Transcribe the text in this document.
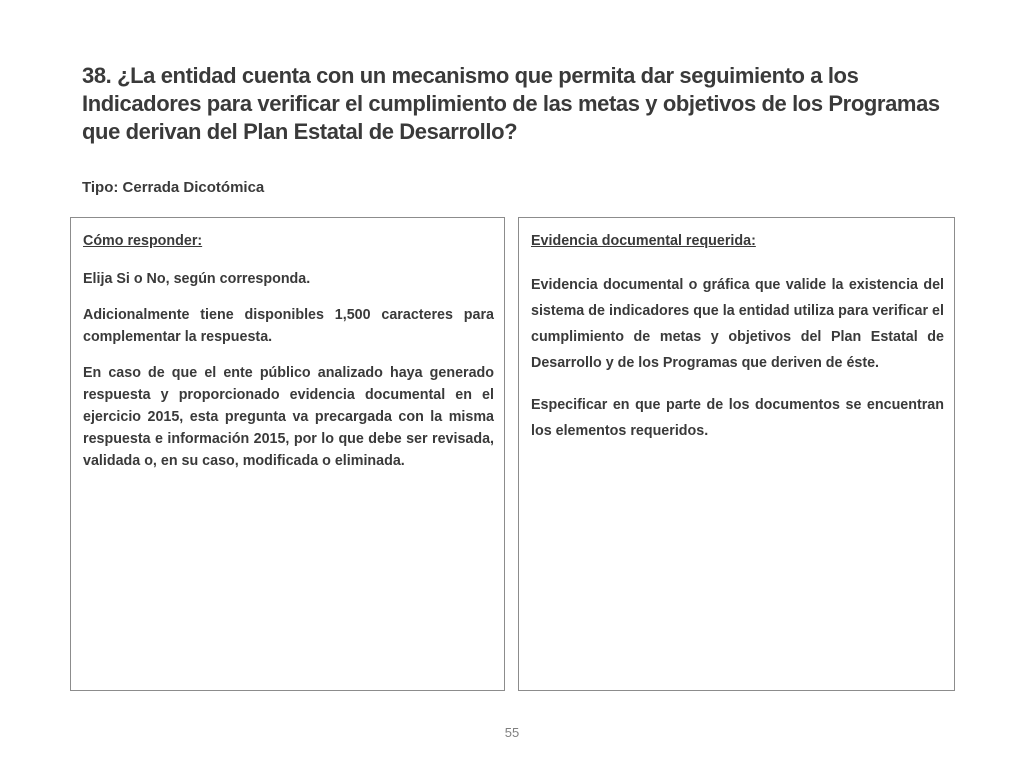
38. ¿La entidad cuenta con un mecanismo que permita dar seguimiento a los Indicadores para verificar el cumplimiento de las metas y objetivos de los Programas que derivan del Plan Estatal de Desarrollo?
Tipo: Cerrada Dicotómica
Cómo responder:

Elija Si o No, según corresponda.

Adicionalmente tiene disponibles 1,500 caracteres para complementar la respuesta.

En caso de que el ente público analizado haya generado respuesta y proporcionado evidencia documental en el ejercicio 2015, esta pregunta va precargada con la misma respuesta e información 2015, por lo que debe ser revisada, validada o, en su caso, modificada o eliminada.

Evidencia documental requerida:

Evidencia documental o gráfica que valide la existencia del sistema de indicadores que la entidad utiliza para verificar el cumplimiento de metas y objetivos del Plan Estatal de Desarrollo y de los Programas que deriven de éste.

Especificar en que parte de los documentos se encuentran los elementos requeridos.

55
